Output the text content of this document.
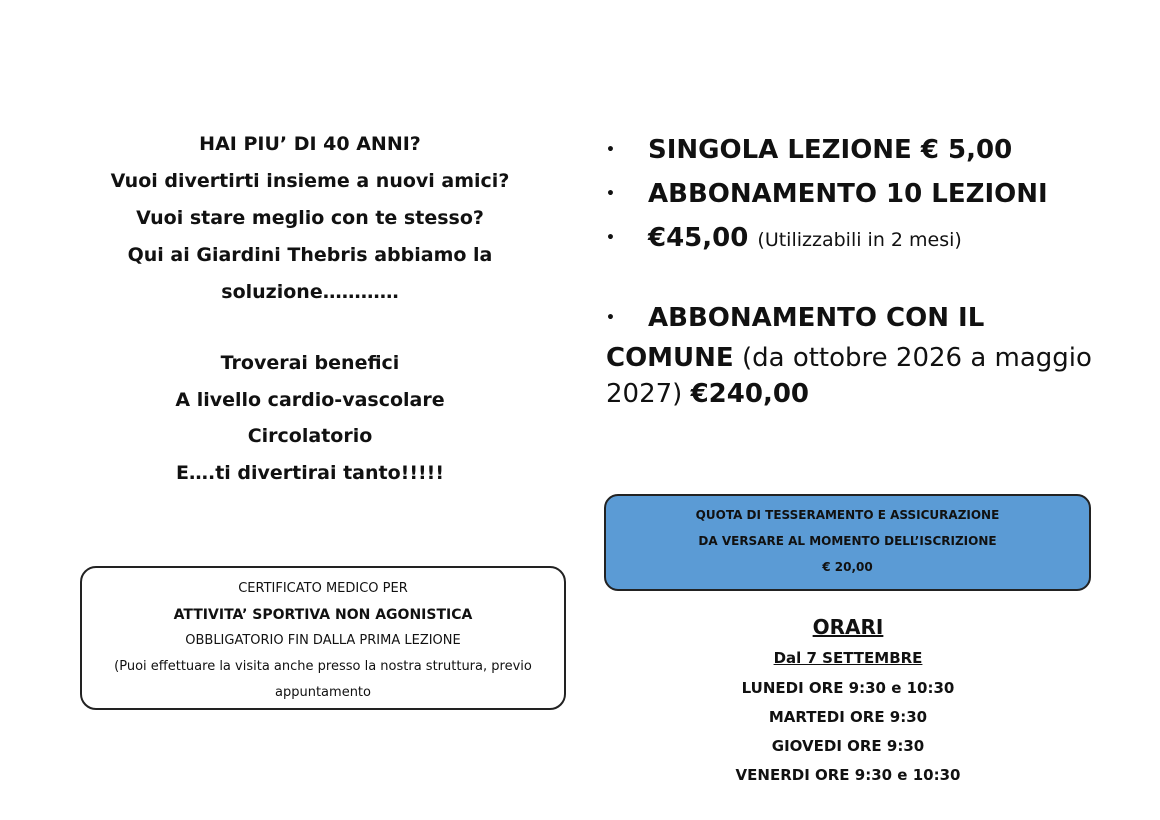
HAI PIU’ DI 40 ANNI?

Vuoi divertirti insieme a nuovi amici?

Vuoi stare meglio con te stesso?

Qui ai Giardini Thebris abbiamo la

soluzione…………

Troverai benefici

A livello cardio-vascolare

Circolatorio

E….ti divertirai tanto!!!!!

CERTIFICATO MEDICO PER
ATTIVITA’ SPORTIVA NON AGONISTICA
OBBLIGATORIO FIN DALLA PRIMA LEZIONE
(Puoi effettuare la visita anche presso la nostra struttura, previo
appuntamento
• SINGOLA LEZIONE € 5,00
• ABBONAMENTO 10 LEZIONI
• €45,00 (Utilizzabili in 2 mesi)
• ABBONAMENTO CON IL
COMUNE (da ottobre 2026 a maggio 2027) €240,00
QUOTA DI TESSERAMENTO E ASSICURAZIONE
DA VERSARE AL MOMENTO DELL’ISCRIZIONE
€ 20,00
ORARI
Dal 7 SETTEMBRE
LUNEDI ORE 9:30 e 10:30
MARTEDI ORE 9:30
GIOVEDI ORE 9:30
VENERDI ORE 9:30 e 10:30
